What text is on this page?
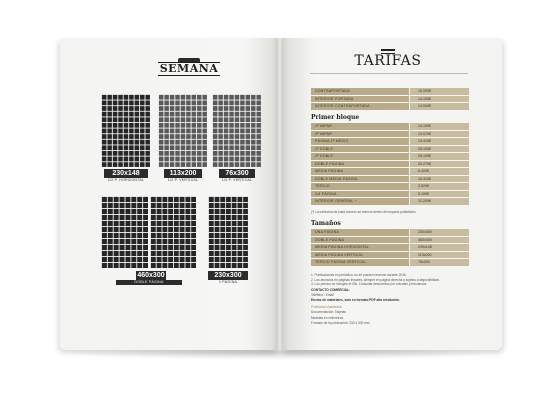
SEMANA
230x148
1/2 P. HORIZONTAL
113x200
1/2 P. VERTICAL
76x300
1/3 P. VERTICAL
460x300
DOBLE PÁGINA
230x300
1 PÁGINA
TARIFAS
CONTRAPORTADA	15.000€
INTERIOR PORTADA	14.100€
INTERIOR CONTRAPORTADA	14.000€
Primer bloque
1ª IMPAR	14.100€
2ª IMPAR	13.070€
PÁGINA 1ª MEDIO	13.410€
1ª DOBLE	25.100€
2ª DOBLE	25.100€
DOBLE PÁGINA	20.270€
MEDIA PÁGINA	6.400€
DOBLE MEDIA PÁGINA	16.310€
TERCIO	3.520€
1/4 PÁGINA	5.100€
INTERIOR GENERAL *	12.200€
(*) La cabecera de cada número se reserva dentro del espacio publicitario.
Tamaños
UNA PÁGINA	230x300
DOBLE PÁGINA	460x300
MEDIA PÁGINA HORIZONTAL	230x148
MEDIA PÁGINA VERTICAL	113x200
TERCIO PÁGINA VERTICAL	76x300
1. Publicaciones en periódico; no se pueden reservar durante 2016.
2. Los anuncios en páginas impares, siempre en página derecha y sujetos a disponibilidad.
3. Los precios no incluyen el IVA. Consultar descuentos por volumen y frecuencia.
CONTACTO COMERCIAL:
Teléfono / Email
Envíos de materiales, solo en formato PDF alta resolución.
Publicidad clasificada
Documentación: Tarjetas
Medidas en milímetros.
Formato de la publicación: 230 x 300 mm.
